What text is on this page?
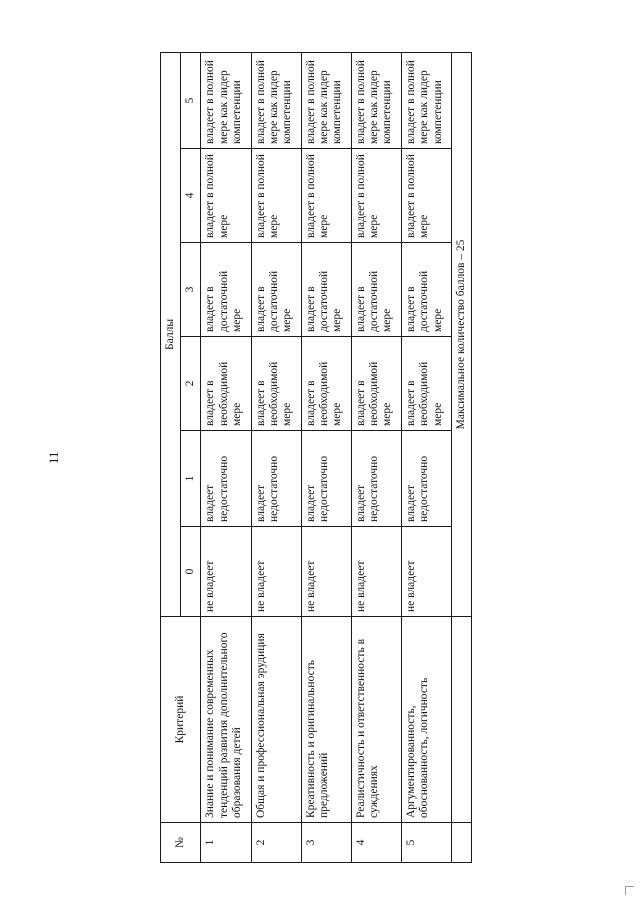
11
№	Критерий	Баллы					
		0	1	2	3	4	5
1	Знание и понимание современных тенденций развития дополнительного образования детей	не владеет	владеет недостаточно	владеет в необходимой мере	владеет в достаточной мере	владеет в полной мере	владеет в полной мере как лидер компетенции
2	Общая и профессиональная эрудиция	не владеет	владеет недостаточно	владеет в необходимой мере	владеет в достаточной мере	владеет в полной мере	владеет в полной мере как лидер компетенции
3	Креативность и оригинальность предложений	не владеет	владеет недостаточно	владеет в необходимой мере	владеет в достаточной мере	владеет в полной мере	владеет в полной мере как лидер компетенции
4	Реалистичность и ответственность в суждениях	не владеет	владеет недостаточно	владеет в необходимой мере	владеет в достаточной мере	владеет в полной мере	владеет в полной мере как лидер компетенции
5	Аргументированность, обоснованность, логичность	не владеет	владеет недостаточно	владеет в необходимой мере	владеет в достаточной мере	владеет в полной мере	владеет в полной мере как лидер компетенции
		Максимальное количество баллов – 25					
